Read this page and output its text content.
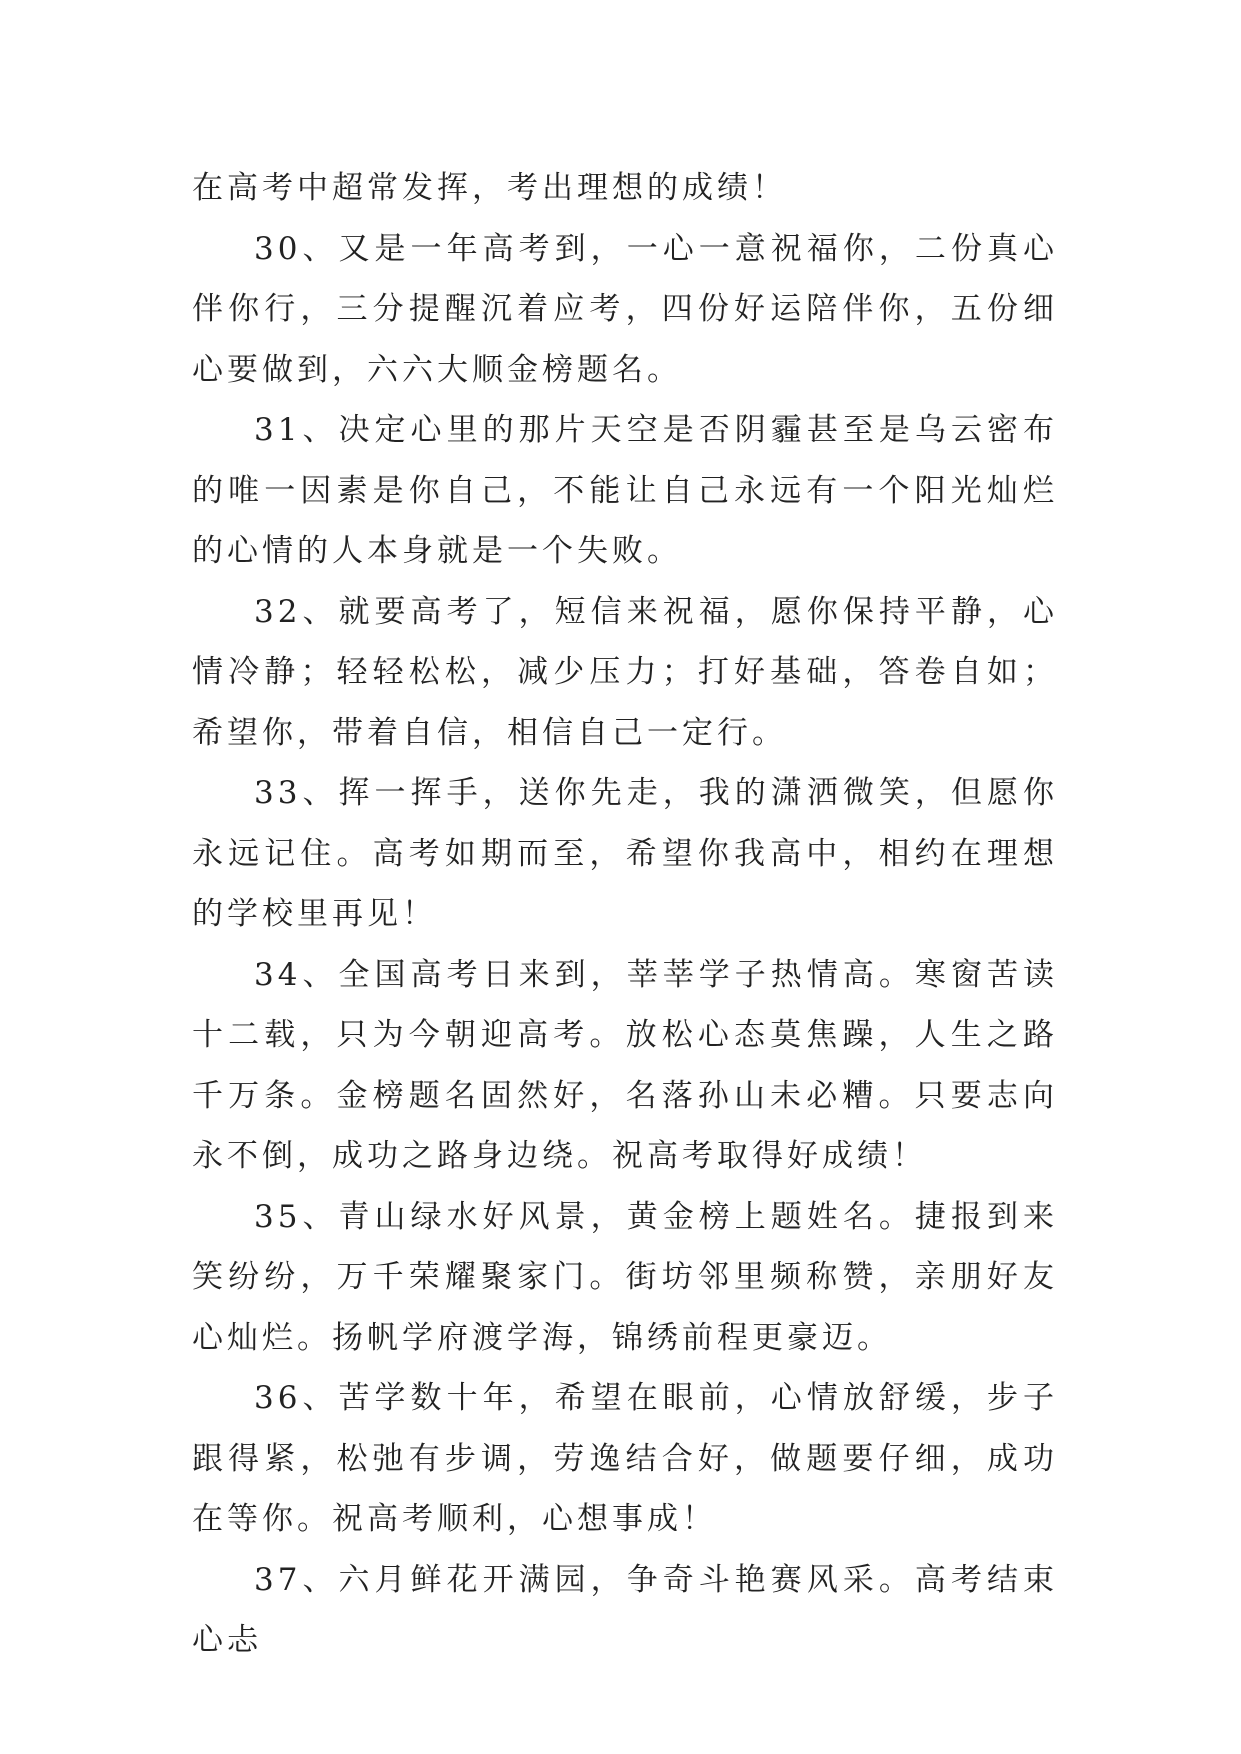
在高考中超常发挥，考出理想的成绩！

30、又是一年高考到，一心一意祝福你，二份真心伴你行，三分提醒沉着应考，四份好运陪伴你，五份细心要做到，六六大顺金榜题名。

31、决定心里的那片天空是否阴霾甚至是乌云密布的唯一因素是你自己，不能让自己永远有一个阳光灿烂的心情的人本身就是一个失败。

32、就要高考了，短信来祝福，愿你保持平静，心情冷静；轻轻松松，减少压力；打好基础，答卷自如；希望你，带着自信，相信自己一定行。

33、挥一挥手，送你先走，我的潇洒微笑，但愿你永远记住。高考如期而至，希望你我高中，相约在理想的学校里再见！

34、全国高考日来到，莘莘学子热情高。寒窗苦读十二载，只为今朝迎高考。放松心态莫焦躁，人生之路千万条。金榜题名固然好，名落孙山未必糟。只要志向永不倒，成功之路身边绕。祝高考取得好成绩！

35、青山绿水好风景，黄金榜上题姓名。捷报到来笑纷纷，万千荣耀聚家门。街坊邻里频称赞，亲朋好友心灿烂。扬帆学府渡学海，锦绣前程更豪迈。

36、苦学数十年，希望在眼前，心情放舒缓，步子跟得紧，松弛有步调，劳逸结合好，做题要仔细，成功在等你。祝高考顺利，心想事成！

37、六月鲜花开满园，争奇斗艳赛风采。高考结束心忐
